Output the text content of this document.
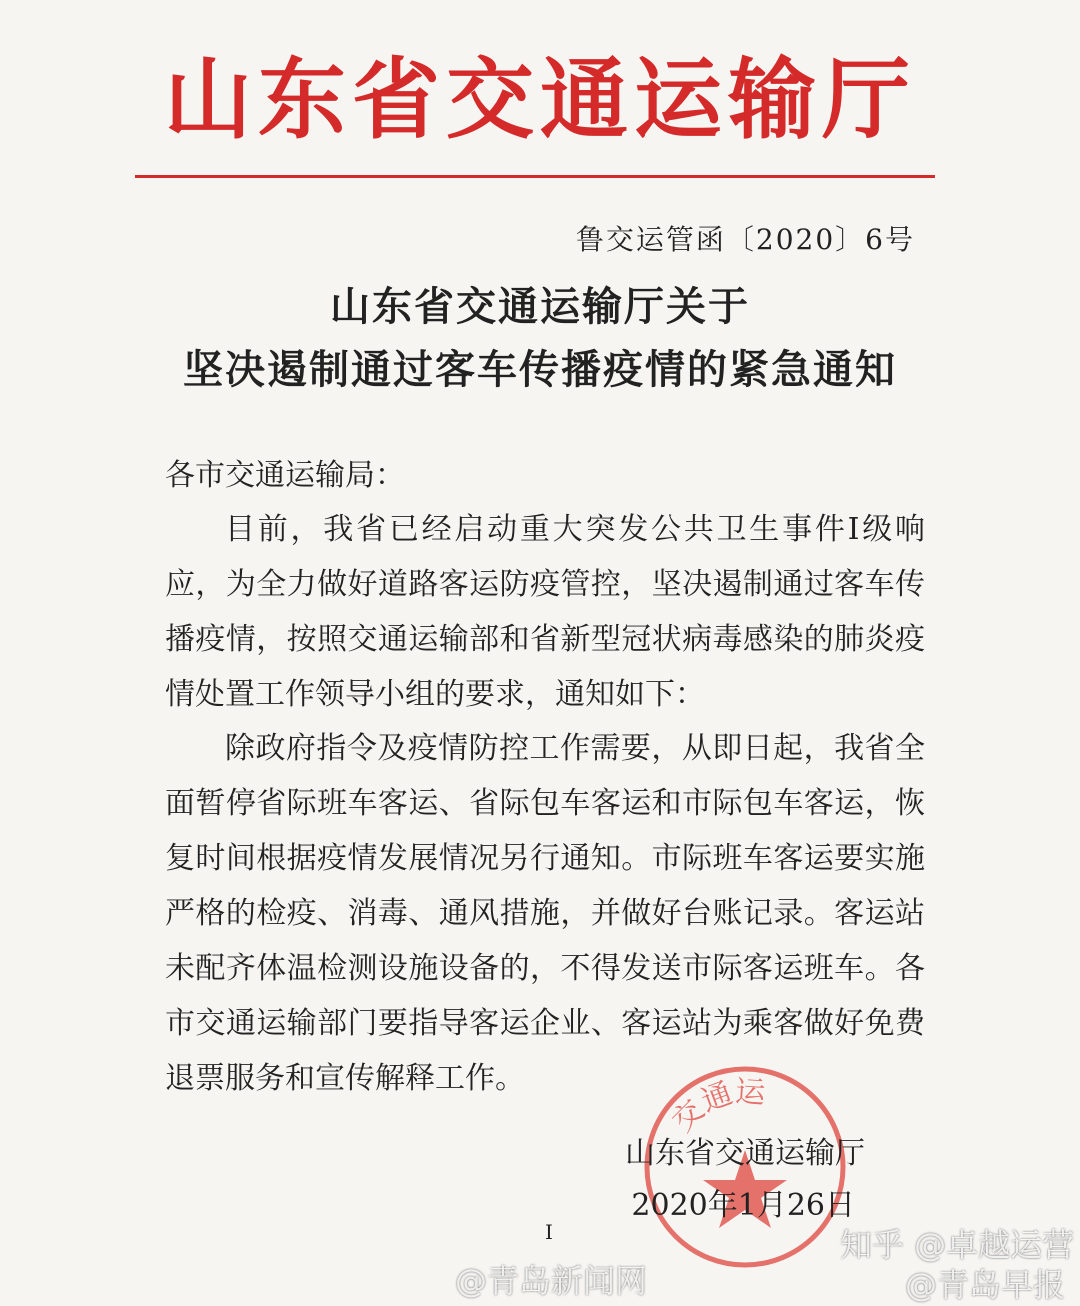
山东省交通运输厅
鲁交运管函〔2020〕6号
山东省交通运输厅关于
坚决遏制通过客车传播疫情的紧急通知
各市交通运输局：

目前，我省已经启动重大突发公共卫生事件Ⅰ级响应，为全力做好道路客运防疫管控，坚决遏制通过客车传播疫情，按照交通运输部和省新型冠状病毒感染的肺炎疫情处置工作领导小组的要求，通知如下：

除政府指令及疫情防控工作需要，从即日起，我省全面暂停省际班车客运、省际包车客运和市际包车客运，恢复时间根据疫情发展情况另行通知。市际班车客运要实施严格的检疫、消毒、通风措施，并做好台账记录。客运站未配齐体温检测设施设备的，不得发送市际客运班车。各市交通运输部门要指导客运企业、客运站为乘客做好免费退票服务和宣传解释工作。

交通运
山东省交通运输厅
2020年1月26日
I
@青岛新闻网
知乎 @卓越运营
@青岛早报
